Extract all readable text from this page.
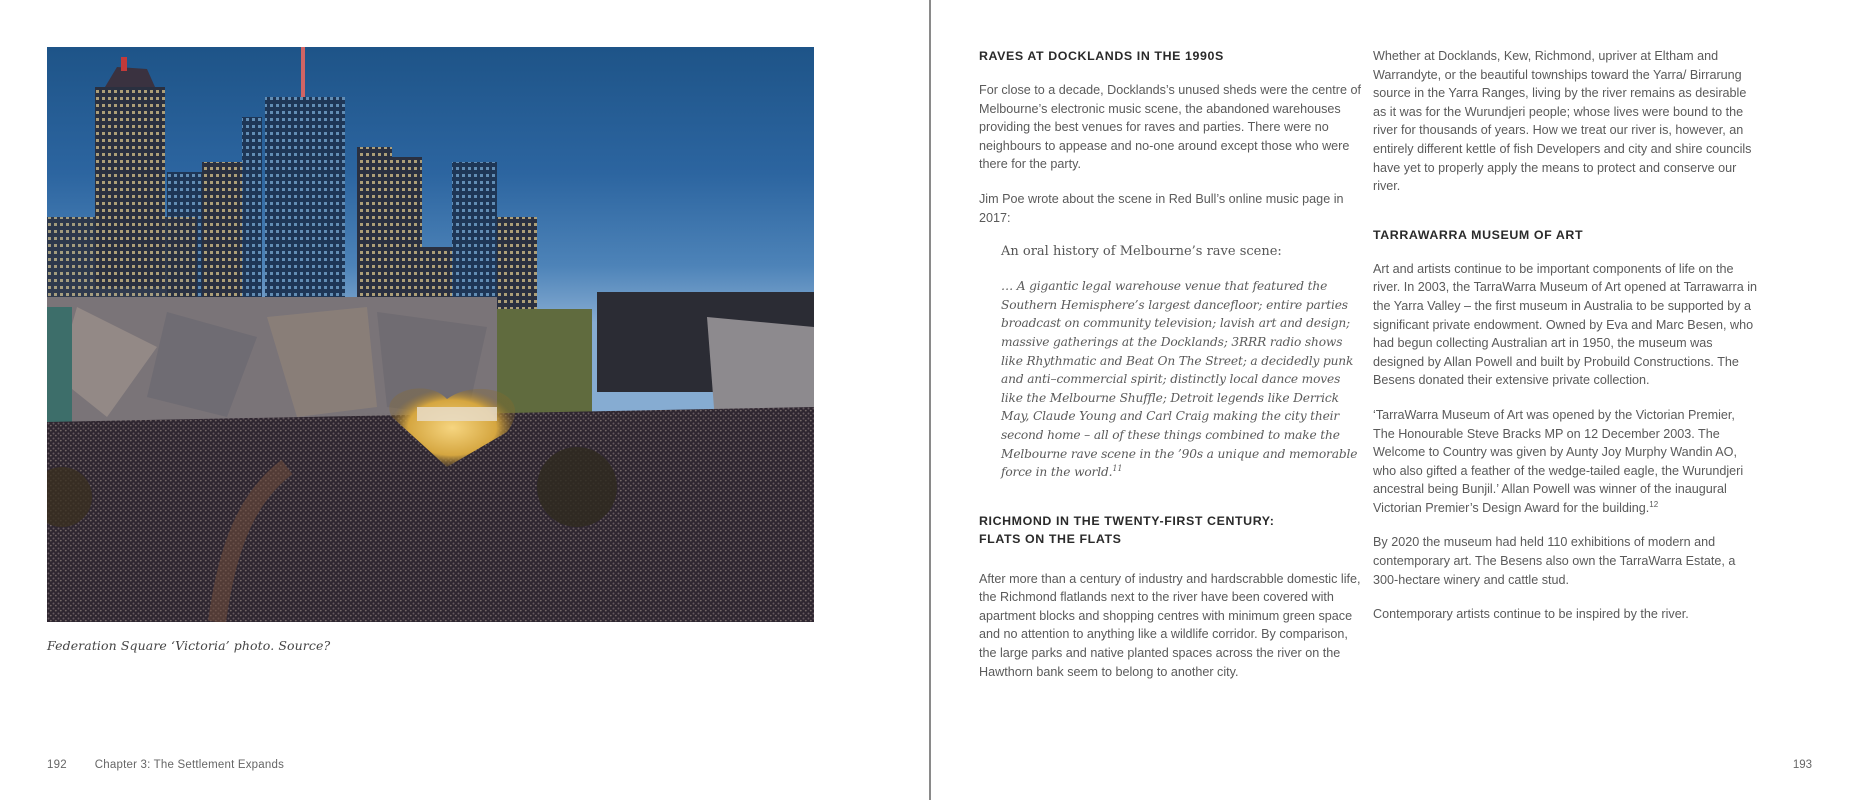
Federation Square ‘Victoria’ photo. Source?
192 Chapter 3: The Settlement Expands
RAVES AT DOCKLANDS IN THE 1990S

For close to a decade, Docklands’s unused sheds were the centre of Melbourne’s electronic music scene, the abandoned warehouses providing the best venues for raves and parties. There were no neighbours to appease and no-one around except those who were there for the party.

Jim Poe wrote about the scene in Red Bull’s online music page in 2017:

An oral history of Melbourne’s rave scene:

… A gigantic legal warehouse venue that featured the Southern Hemisphere’s largest dancefloor; entire parties broadcast on community television; lavish art and design; massive gatherings at the Docklands; 3RRR radio shows like Rhythmatic and Beat On The Street; a decidedly punk and anti–commercial spirit; distinctly local dance moves like the Melbourne Shuffle; Detroit legends like Derrick May, Claude Young and Carl Craig making the city their second home – all of these things combined to make the Melbourne rave scene in the ’90s a unique and memorable force in the world.$^{11}$

RICHMOND IN THE TWENTY-FIRST CENTURY:
FLATS ON THE FLATS

After more than a century of industry and hardscrabble domestic life, the Richmond flatlands next to the river have been covered with apartment blocks and shopping centres with minimum green space and no attention to anything like a wildlife corridor. By comparison, the large parks and native planted spaces across the river on the Hawthorn bank seem to belong to another city.

Whether at Docklands, Kew, Richmond, upriver at Eltham and Warrandyte, or the beautiful townships toward the Yarra/ Birrarung source in the Yarra Ranges, living by the river remains as desirable as it was for the Wurundjeri people; whose lives were bound to the river for thousands of years. How we treat our river is, however, an entirely different kettle of fish Developers and city and shire councils have yet to properly apply the means to protect and conserve our river.

TARRAWARRA MUSEUM OF ART

Art and artists continue to be important components of life on the river. In 2003, the TarraWarra Museum of Art opened at Tarrawarra in the Yarra Valley – the first museum in Australia to be supported by a significant private endowment. Owned by Eva and Marc Besen, who had begun collecting Australian art in 1950, the museum was designed by Allan Powell and built by Probuild Constructions. The Besens donated their extensive private collection.

‘TarraWarra Museum of Art was opened by the Victorian Premier, The Honourable Steve Bracks MP on 12 December 2003. The Welcome to Country was given by Aunty Joy Murphy Wandin AO, who also gifted a feather of the wedge-tailed eagle, the Wurundjeri ancestral being Bunjil.’ Allan Powell was winner of the inaugural Victorian Premier’s Design Award for the building.$^{12}$

By 2020 the museum had held 110 exhibitions of modern and contemporary art. The Besens also own the TarraWarra Estate, a 300-hectare winery and cattle stud.

Contemporary artists continue to be inspired by the river.

193
